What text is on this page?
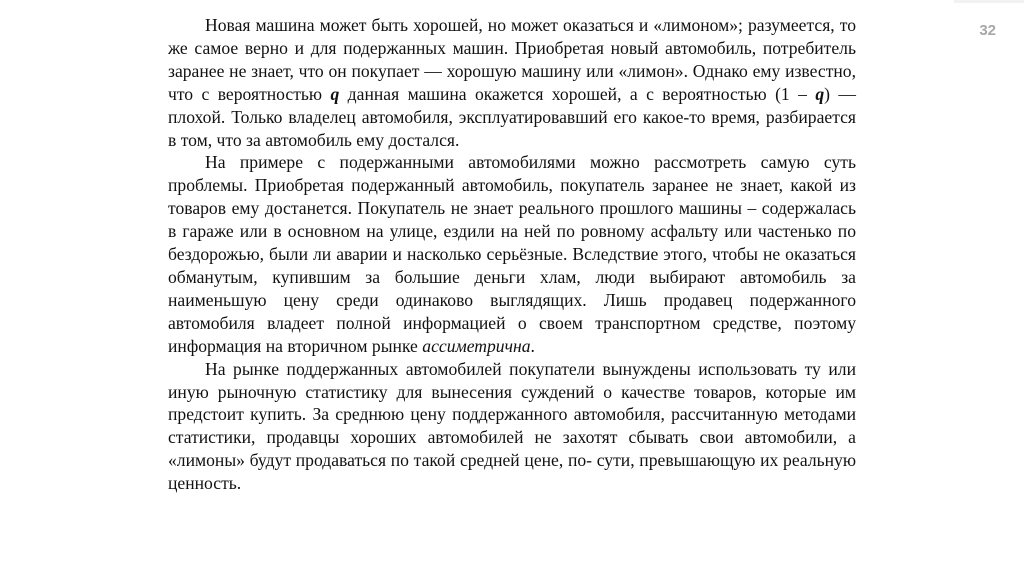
32

Новая машина может быть хорошей, но может оказаться и «лимоном»; разумеется, то же самое верно и для подержанных машин. Приобретая новый автомобиль, потребитель заранее не знает, что он покупает — хорошую машину или «лимон». Однако ему известно, что с вероятностью q данная машина окажется хорошей, а с вероятностью (1 – q) — плохой. Только владелец автомобиля, эксплуатировавший его какое-то время, разбирается в том, что за автомобиль ему достался.

На примере с подержанными автомобилями можно рассмотреть самую суть проблемы. Приобретая подержанный автомобиль, покупатель заранее не знает, какой из товаров ему достанется. Покупатель не знает реального прошлого машины – содержалась в гараже или в основном на улице, ездили на ней по ровному асфальту или частенько по бездорожью, были ли аварии и насколько серьёзные. Вследствие этого, чтобы не оказаться обманутым, купившим за большие деньги хлам, люди выбирают автомобиль за наименьшую цену среди одинаково выглядящих. Лишь продавец подержанного автомобиля владеет полной информацией о своем транспортном средстве, поэтому информация на вторичном рынке ассиметрична.

На рынке поддержанных автомобилей покупатели вынуждены использовать ту или иную рыночную статистику для вынесения суждений о качестве товаров, которые им предстоит купить. За среднюю цену поддержанного автомобиля, рассчитанную методами статистики, продавцы хороших автомобилей не захотят сбывать свои автомобили, а «лимоны» будут продаваться по такой средней цене, по- сути, превышающую их реальную ценность.
